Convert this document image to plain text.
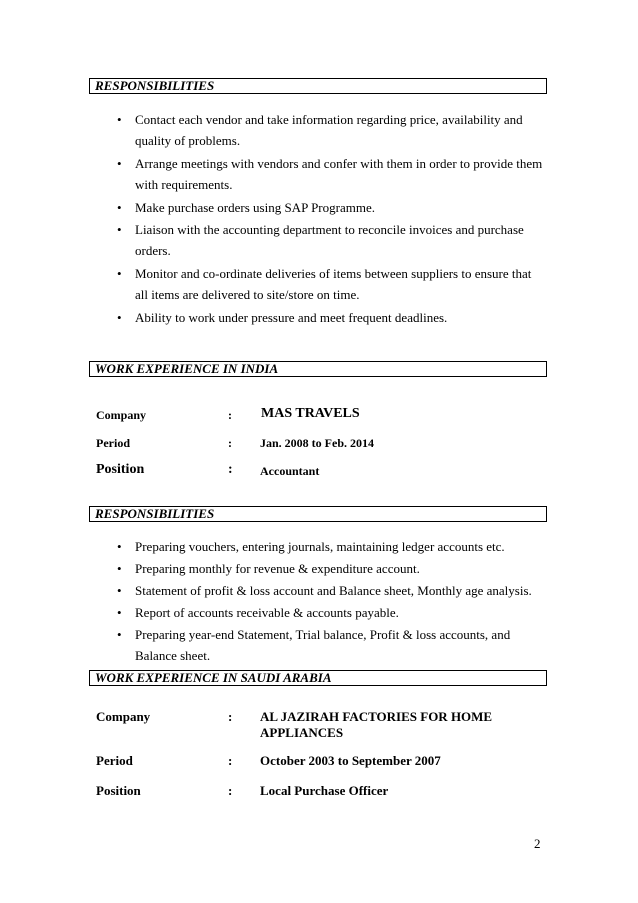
RESPONSIBILITIES
• Contact each vendor and take information regarding price, availability and
quality of problems.
• Arrange meetings with vendors and confer with them in order to provide them
with requirements.
• Make purchase orders using SAP Programme.
• Liaison with the accounting department to reconcile invoices and purchase
orders.
• Monitor and co-ordinate deliveries of items between suppliers to ensure that
all items are delivered to site/store on time.
• Ability to work under pressure and meet frequent deadlines.
WORK EXPERIENCE IN INDIA
Company	: MAS TRAVELS
Period	: Jan. 2008 to Feb. 2014
Position	: Accountant
RESPONSIBILITIES
• Preparing vouchers, entering journals, maintaining ledger accounts etc.
• Preparing monthly for revenue & expenditure account.
• Statement of profit & loss account and Balance sheet, Monthly age analysis.
• Report of accounts receivable & accounts payable.
• Preparing year-end Statement, Trial balance, Profit & loss accounts, and
Balance sheet.
WORK EXPERIENCE IN SAUDI ARABIA
Company	: AL JAZIRAH FACTORIES FOR HOME
APPLIANCES
Period	: October 2003 to September 2007
Position	: Local Purchase Officer
2
